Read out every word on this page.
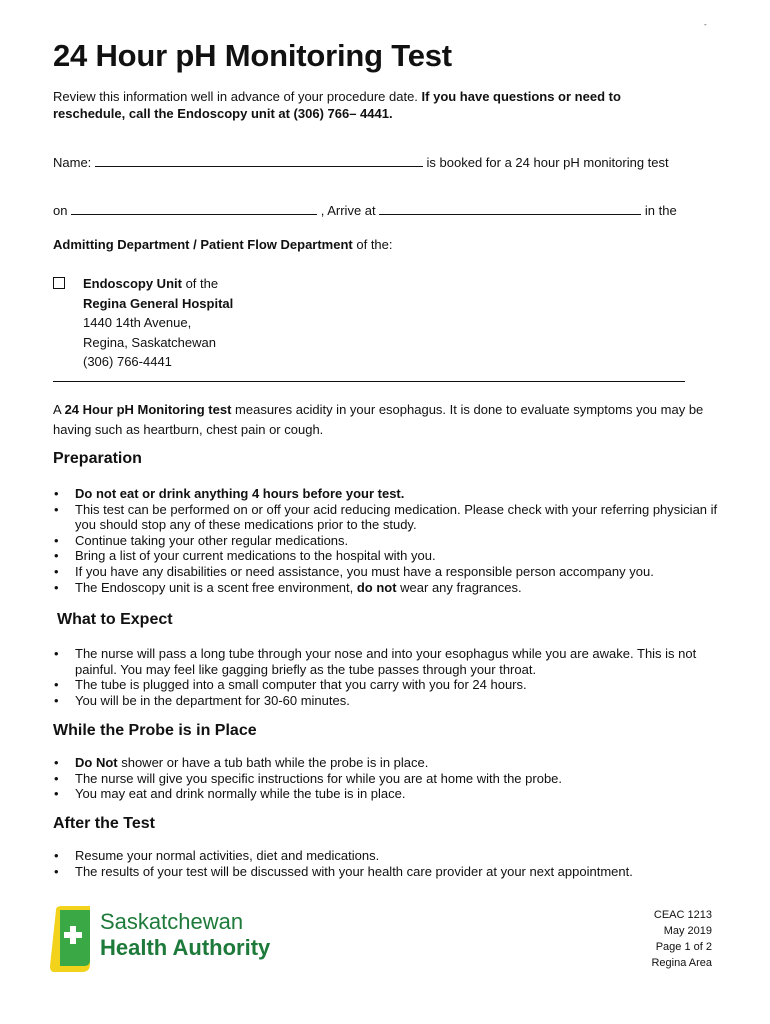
-
24 Hour pH Monitoring Test
Review this information well in advance of your procedure date. If you have questions or need to reschedule, call the Endoscopy unit at (306) 766– 4441.
Name:	is booked for a 24 hour pH monitoring test
on	, Arrive at	in the
Admitting Department / Patient Flow Department of the:
Endoscopy Unit of the
Regina General Hospital
1440 14th Avenue,
Regina, Saskatchewan
(306) 766-4441
A 24 Hour pH Monitoring test measures acidity in your esophagus. It is done to evaluate symptoms you may be having such as heartburn, chest pain or cough.
Preparation
• Do not eat or drink anything 4 hours before your test.
• This test can be performed on or off your acid reducing medication. Please check with your referring physician if you should stop any of these medications prior to the study.
• Continue taking your other regular medications.
• Bring a list of your current medications to the hospital with you.
• If you have any disabilities or need assistance, you must have a responsible person accompany you.
• The Endoscopy unit is a scent free environment, do not wear any fragrances.
What to Expect
• The nurse will pass a long tube through your nose and into your esophagus while you are awake. This is not painful. You may feel like gagging briefly as the tube passes through your throat.
• The tube is plugged into a small computer that you carry with you for 24 hours.
• You will be in the department for 30-60 minutes.
While the Probe is in Place
• Do Not shower or have a tub bath while the probe is in place.
• The nurse will give you specific instructions for while you are at home with the probe.
• You may eat and drink normally while the tube is in place.
After the Test
• Resume your normal activities, diet and medications.
• The results of your test will be discussed with your health care provider at your next appointment.
Saskatchewan
Health Authority
CEAC 1213
May 2019
Page 1 of 2
Regina Area
